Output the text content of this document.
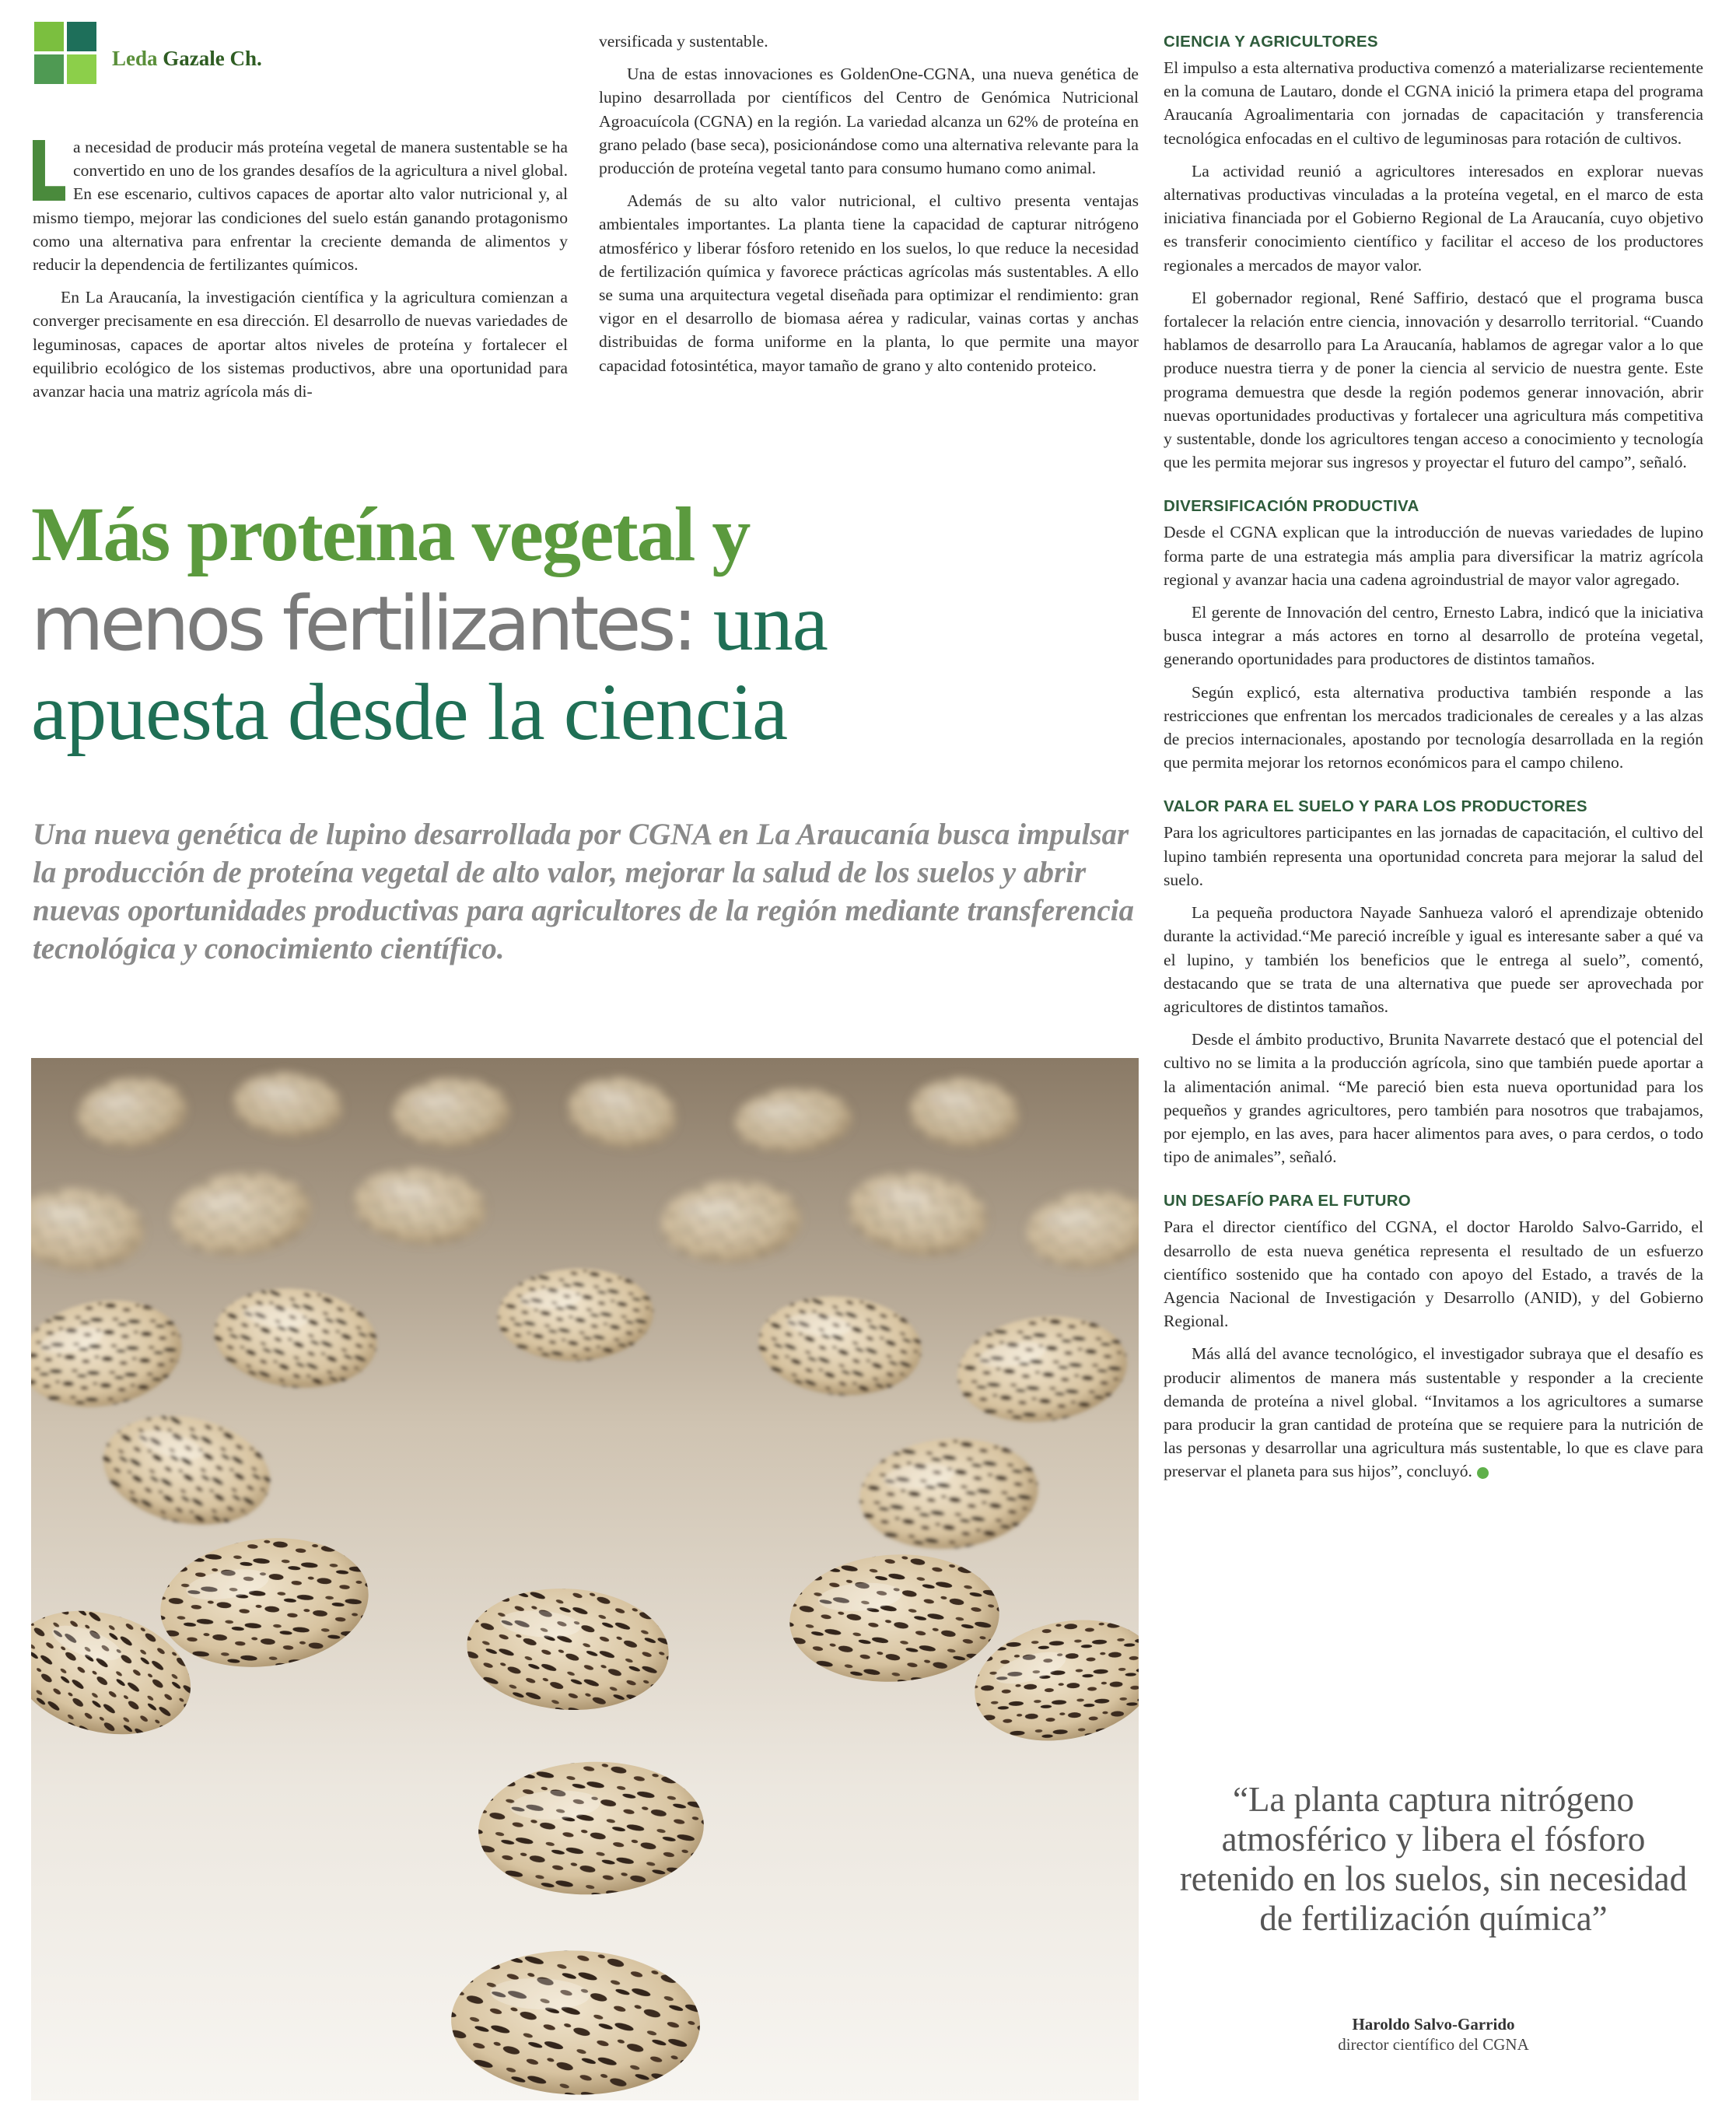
Leda Gazale Ch.

a necesidad de producir más proteína vegetal de manera sustentable se ha convertido en uno de los grandes desafíos de la agricultura a nivel global. En ese escenario, cultivos capaces de aportar alto valor nutricional y, al mismo tiempo, mejorar las condiciones del suelo están ganando protagonismo como una alternativa para enfrentar la creciente demanda de alimentos y reducir la dependencia de fertilizantes químicos.

En La Araucanía, la investigación científica y la agricultura comienzan a converger precisamente en esa dirección. El desarrollo de nuevas variedades de leguminosas, capaces de aportar altos niveles de proteína y fortalecer el equilibrio ecológico de los sistemas productivos, abre una oportunidad para avanzar hacia una matriz agrícola más di-

versificada y sustentable.

Una de estas innovaciones es GoldenOne-CGNA, una nueva genética de lupino desarrollada por científicos del Centro de Genómica Nutricional Agroacuícola (CGNA) en la región. La variedad alcanza un 62% de proteína en grano pelado (base seca), posicionándose como una alternativa relevante para la producción de proteína vegetal tanto para consumo humano como animal.

Además de su alto valor nutricional, el cultivo presenta ventajas ambientales importantes. La planta tiene la capacidad de capturar nitrógeno atmosférico y liberar fósforo retenido en los suelos, lo que reduce la necesidad de fertilización química y favorece prácticas agrícolas más sustentables. A ello se suma una arquitectura vegetal diseñada para optimizar el rendimiento: gran vigor en el desarrollo de biomasa aérea y radicular, vainas cortas y anchas distribuidas de forma uniforme en la planta, lo que permite una mayor capacidad fotosintética, mayor tamaño de grano y alto contenido proteico.

Más proteína vegetal y
menos fertilizantes: una
apuesta desde la ciencia
Una nueva genética de lupino desarrollada por CGNA en La Araucanía busca impulsar la producción de proteína vegetal de alto valor, mejorar la salud de los suelos y abrir nuevas oportunidades productivas para agricultores de la región mediante transferencia tecnológica y conocimiento científico.
CIENCIA Y AGRICULTORES

El impulso a esta alternativa productiva comenzó a materializarse recientemente en la comuna de Lautaro, donde el CGNA inició la primera etapa del programa Araucanía Agroalimentaria con jornadas de capacitación y transferencia tecnológica enfocadas en el cultivo de leguminosas para rotación de cultivos.

La actividad reunió a agricultores interesados en explorar nuevas alternativas productivas vinculadas a la proteína vegetal, en el marco de esta iniciativa financiada por el Gobierno Regional de La Araucanía, cuyo objetivo es transferir conocimiento científico y facilitar el acceso de los productores regionales a mercados de mayor valor.

El gobernador regional, René Saffirio, destacó que el programa busca fortalecer la relación entre ciencia, innovación y desarrollo territorial. “Cuando hablamos de desarrollo para La Araucanía, hablamos de agregar valor a lo que produce nuestra tierra y de poner la ciencia al servicio de nuestra gente. Este programa demuestra que desde la región podemos generar innovación, abrir nuevas oportunidades productivas y fortalecer una agricultura más competitiva y sustentable, donde los agricultores tengan acceso a conocimiento y tecnología que les permita mejorar sus ingresos y proyectar el futuro del campo”, señaló.

DIVERSIFICACIÓN PRODUCTIVA

Desde el CGNA explican que la introducción de nuevas variedades de lupino forma parte de una estrategia más amplia para diversificar la matriz agrícola regional y avanzar hacia una cadena agroindustrial de mayor valor agregado.

El gerente de Innovación del centro, Ernesto Labra, indicó que la iniciativa busca integrar a más actores en torno al desarrollo de proteína vegetal, generando oportunidades para productores de distintos tamaños.

Según explicó, esta alternativa productiva también responde a las restricciones que enfrentan los mercados tradicionales de cereales y a las alzas de precios internacionales, apostando por tecnología desarrollada en la región que permita mejorar los retornos económicos para el campo chileno.

VALOR PARA EL SUELO Y PARA LOS PRODUCTORES

Para los agricultores participantes en las jornadas de capacitación, el cultivo del lupino también representa una oportunidad concreta para mejorar la salud del suelo.

La pequeña productora Nayade Sanhueza valoró el aprendizaje obtenido durante la actividad.“Me pareció increíble y igual es interesante saber a qué va el lupino, y también los beneficios que le entrega al suelo”, comentó, destacando que se trata de una alternativa que puede ser aprovechada por agricultores de distintos tamaños.

Desde el ámbito productivo, Brunita Navarrete destacó que el potencial del cultivo no se limita a la producción agrícola, sino que también puede aportar a la alimentación animal. “Me pareció bien esta nueva oportunidad para los pequeños y grandes agricultores, pero también para nosotros que trabajamos, por ejemplo, en las aves, para hacer alimentos para aves, o para cerdos, o todo tipo de animales”, señaló.

UN DESAFÍO PARA EL FUTURO

Para el director científico del CGNA, el doctor Haroldo Salvo-Garrido, el desarrollo de esta nueva genética representa el resultado de un esfuerzo científico sostenido que ha contado con apoyo del Estado, a través de la Agencia Nacional de Investigación y Desarrollo (ANID), y del Gobierno Regional.

Más allá del avance tecnológico, el investigador subraya que el desafío es producir alimentos de manera más sustentable y responder a la creciente demanda de proteína a nivel global. “Invitamos a los agricultores a sumarse para producir la gran cantidad de proteína que se requiere para la nutrición de las personas y desarrollar una agricultura más sustentable, lo que es clave para preservar el planeta para sus hijos”, concluyó.

“La planta captura nitrógeno atmosférico y libera el fósforo retenido en los suelos, sin necesidad de fertilización química”
Haroldo Salvo-Garrido
director científico del CGNA
